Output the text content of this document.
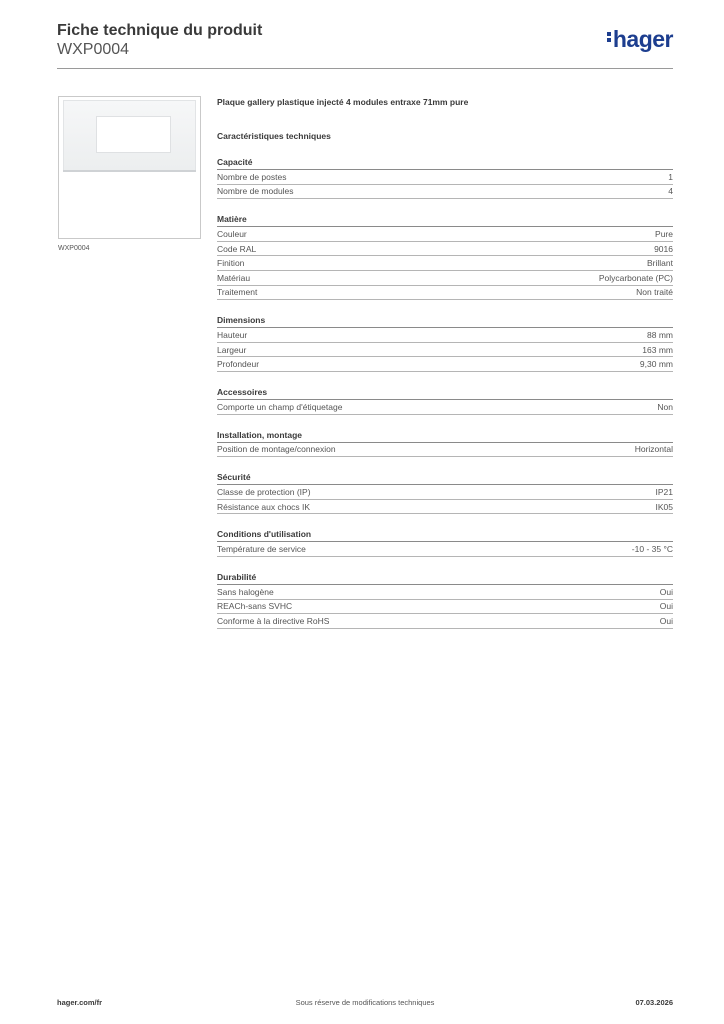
Fiche technique du produit
WXP0004	hager
WXP0004
Plaque gallery plastique injecté 4 modules entraxe 71mm pure
Caractéristiques techniques
Capacité
Nombre de postes	1
Nombre de modules	4
Matière
Couleur	Pure
Code RAL	9016
Finition	Brillant
Matériau	Polycarbonate (PC)
Traitement	Non traité
Dimensions
Hauteur	88 mm
Largeur	163 mm
Profondeur	9,30 mm
Accessoires
Comporte un champ d'étiquetage	Non
Installation, montage
Position de montage/connexion	Horizontal
Sécurité
Classe de protection (IP)	IP21
Résistance aux chocs IK	IK05
Conditions d'utilisation
Température de service	-10 - 35 °C
Durabilité
Sans halogène	Oui
REACh-sans SVHC	Oui
Conforme à la directive RoHS	Oui
hager.com/fr	Sous réserve de modifications techniques	07.03.2026
